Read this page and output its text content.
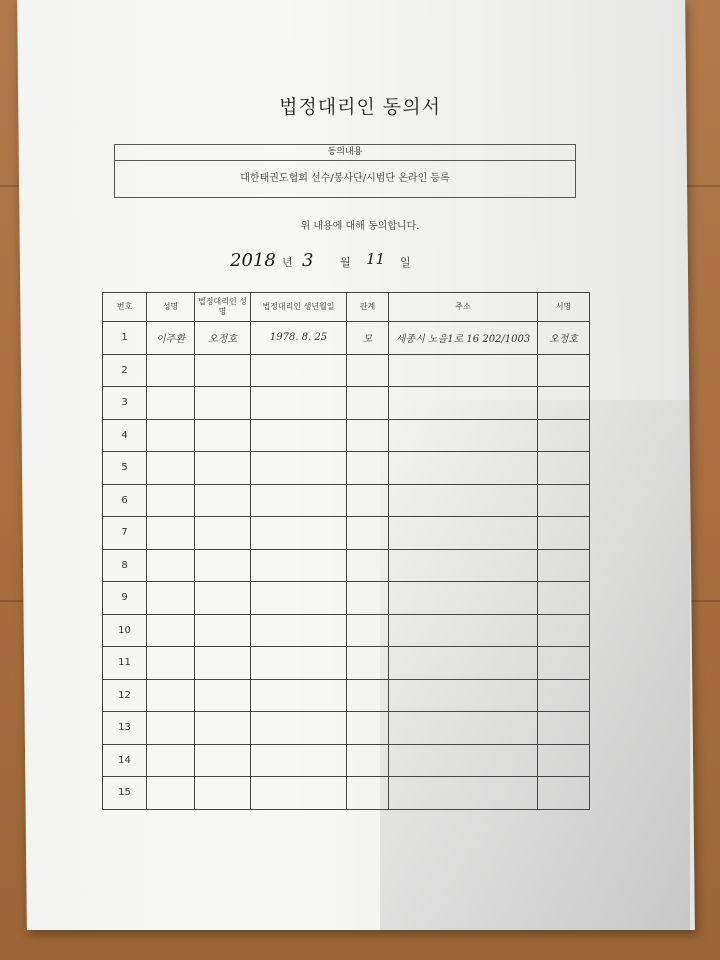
법정대리인 동의서
동의내용
대한태권도협회 선수/봉사단/시범단 온라인 등록
위 내용에 대해 동의합니다.
2018 년 3 월 11 일
번호	성명	법정대리인 성명	법정대리인 생년월일	관계	주소	서명
1	이주환	오정호	1978. 8. 25	모	세종시 노을1로 16 202/1003	오정호
2						
3						
4						
5						
6						
7						
8						
9						
10						
11						
12						
13						
14						
15						
